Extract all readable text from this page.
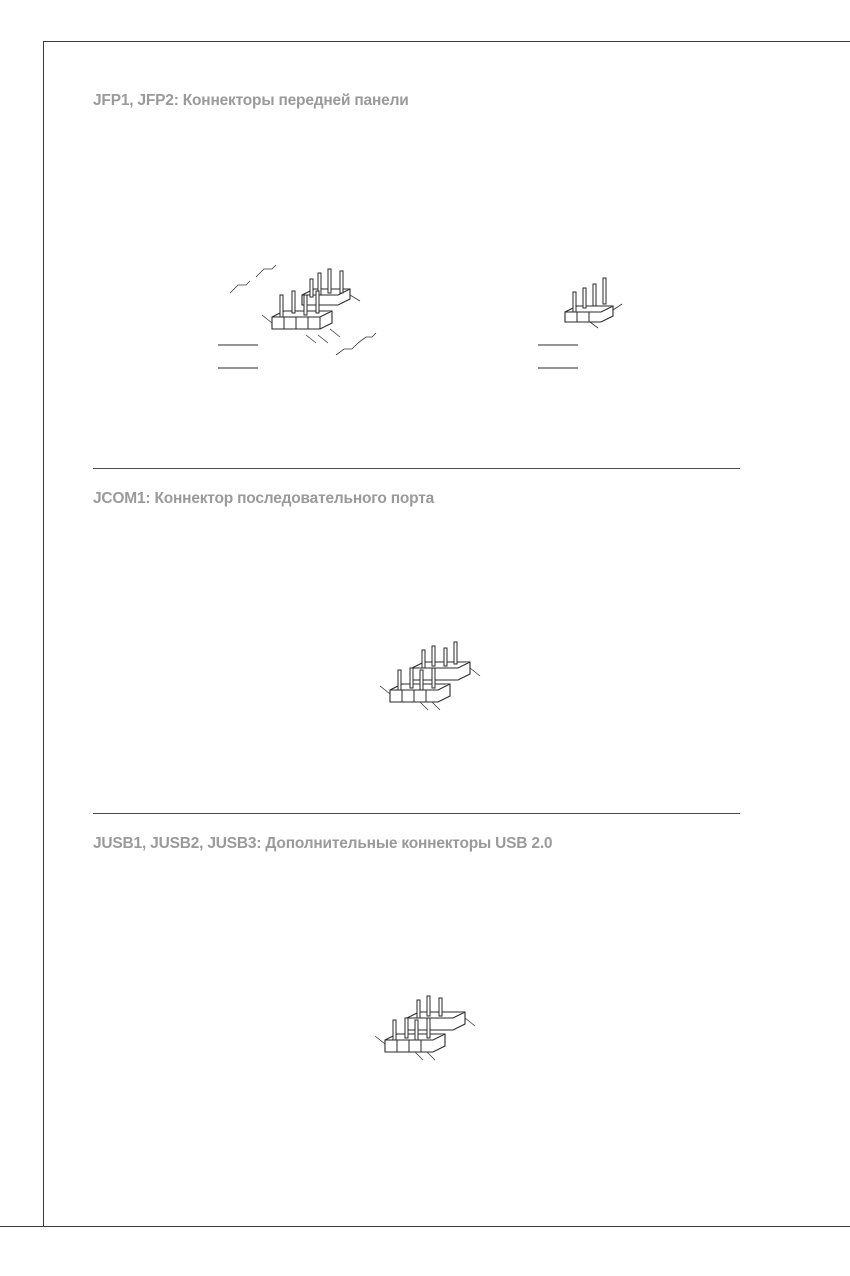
JFP1, JFP2: Коннекторы передней панели
JCOM1: Коннектор последовательного порта
JUSB1, JUSB2, JUSB3: Дополнительные коннекторы USB 2.0
